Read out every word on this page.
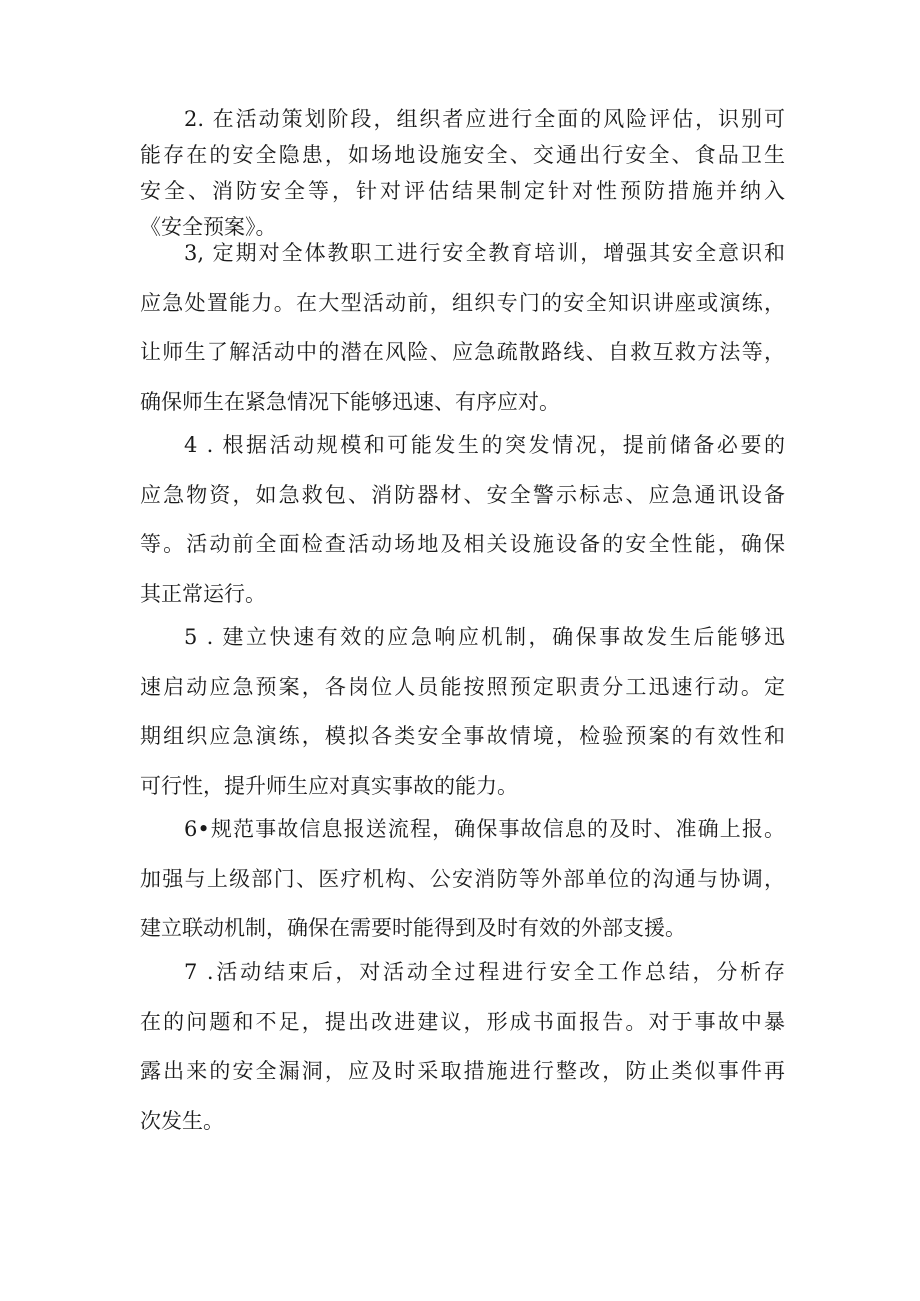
2. 在活动策划阶段，组织者应进行全面的风险评估，识别可
能存在的安全隐患，如场地设施安全、交通出行安全、食品卫生
安全、消防安全等，针对评估结果制定针对性预防措施并纳入
《安全预案》。
3, 定期对全体教职工进行安全教育培训，增强其安全意识和
应急处置能力。在大型活动前，组织专门的安全知识讲座或演练，
让师生了解活动中的潜在风险、应急疏散路线、自救互救方法等，
确保师生在紧急情况下能够迅速、有序应对。
4 . 根据活动规模和可能发生的突发情况，提前储备必要的
应急物资，如急救包、消防器材、安全警示标志、应急通讯设备
等。活动前全面检查活动场地及相关设施设备的安全性能，确保
其正常运行。
5 . 建立快速有效的应急响应机制，确保事故发生后能够迅
速启动应急预案，各岗位人员能按照预定职责分工迅速行动。定
期组织应急演练，模拟各类安全事故情境，检验预案的有效性和
可行性，提升师生应对真实事故的能力。
6•规范事故信息报送流程，确保事故信息的及时、准确上报。
加强与上级部门、医疗机构、公安消防等外部单位的沟通与协调，
建立联动机制，确保在需要时能得到及时有效的外部支援。
7 .活动结束后，对活动全过程进行安全工作总结，分析存
在的问题和不足，提出改进建议，形成书面报告。对于事故中暴
露出来的安全漏洞，应及时采取措施进行整改，防止类似事件再
次发生。
